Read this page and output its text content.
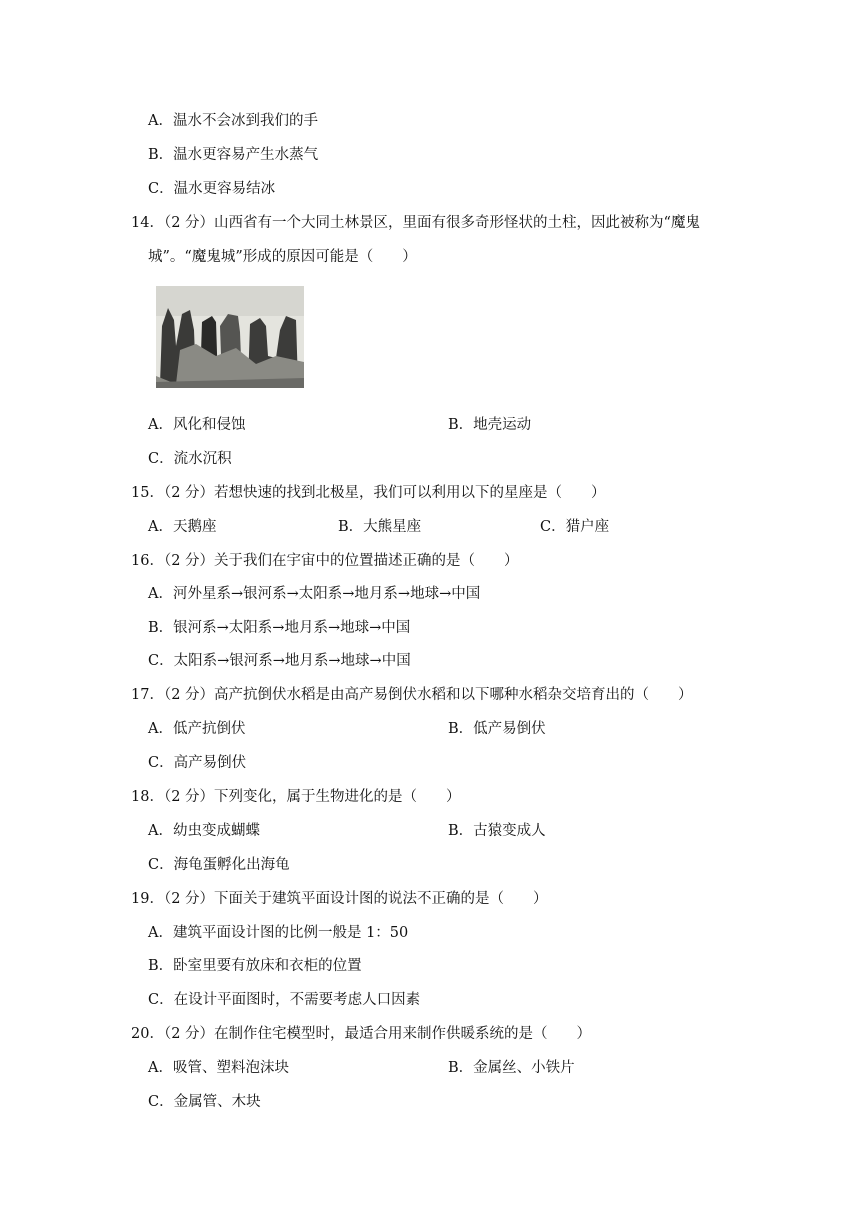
A．温水不会冰到我们的手
B．温水更容易产生水蒸气
C．温水更容易结冰
14．（2 分）山西省有一个大同土林景区，里面有很多奇形怪状的土柱，因此被称为“魔鬼
城”。“魔鬼城”形成的原因可能是（　　）
A．风化和侵蚀	B．地壳运动
C．流水沉积
15．（2 分）若想快速的找到北极星，我们可以利用以下的星座是（　　）
A．天鹅座	B．大熊星座	C．猎户座
16．（2 分）关于我们在宇宙中的位置描述正确的是（　　）
A．河外星系→银河系→太阳系→地月系→地球→中国
B．银河系→太阳系→地月系→地球→中国
C．太阳系→银河系→地月系→地球→中国
17．（2 分）高产抗倒伏水稻是由高产易倒伏水稻和以下哪种水稻杂交培育出的（　　）
A．低产抗倒伏	B．低产易倒伏
C．高产易倒伏
18．（2 分）下列变化，属于生物进化的是（　　）
A．幼虫变成蝴蝶	B．古猿变成人
C．海龟蛋孵化出海龟
19．（2 分）下面关于建筑平面设计图的说法不正确的是（　　）
A．建筑平面设计图的比例一般是 1：50
B．卧室里要有放床和衣柜的位置
C．在设计平面图时，不需要考虑人口因素
20．（2 分）在制作住宅模型时，最适合用来制作供暖系统的是（　　）
A．吸管、塑料泡沫块	B．金属丝、小铁片
C．金属管、木块
